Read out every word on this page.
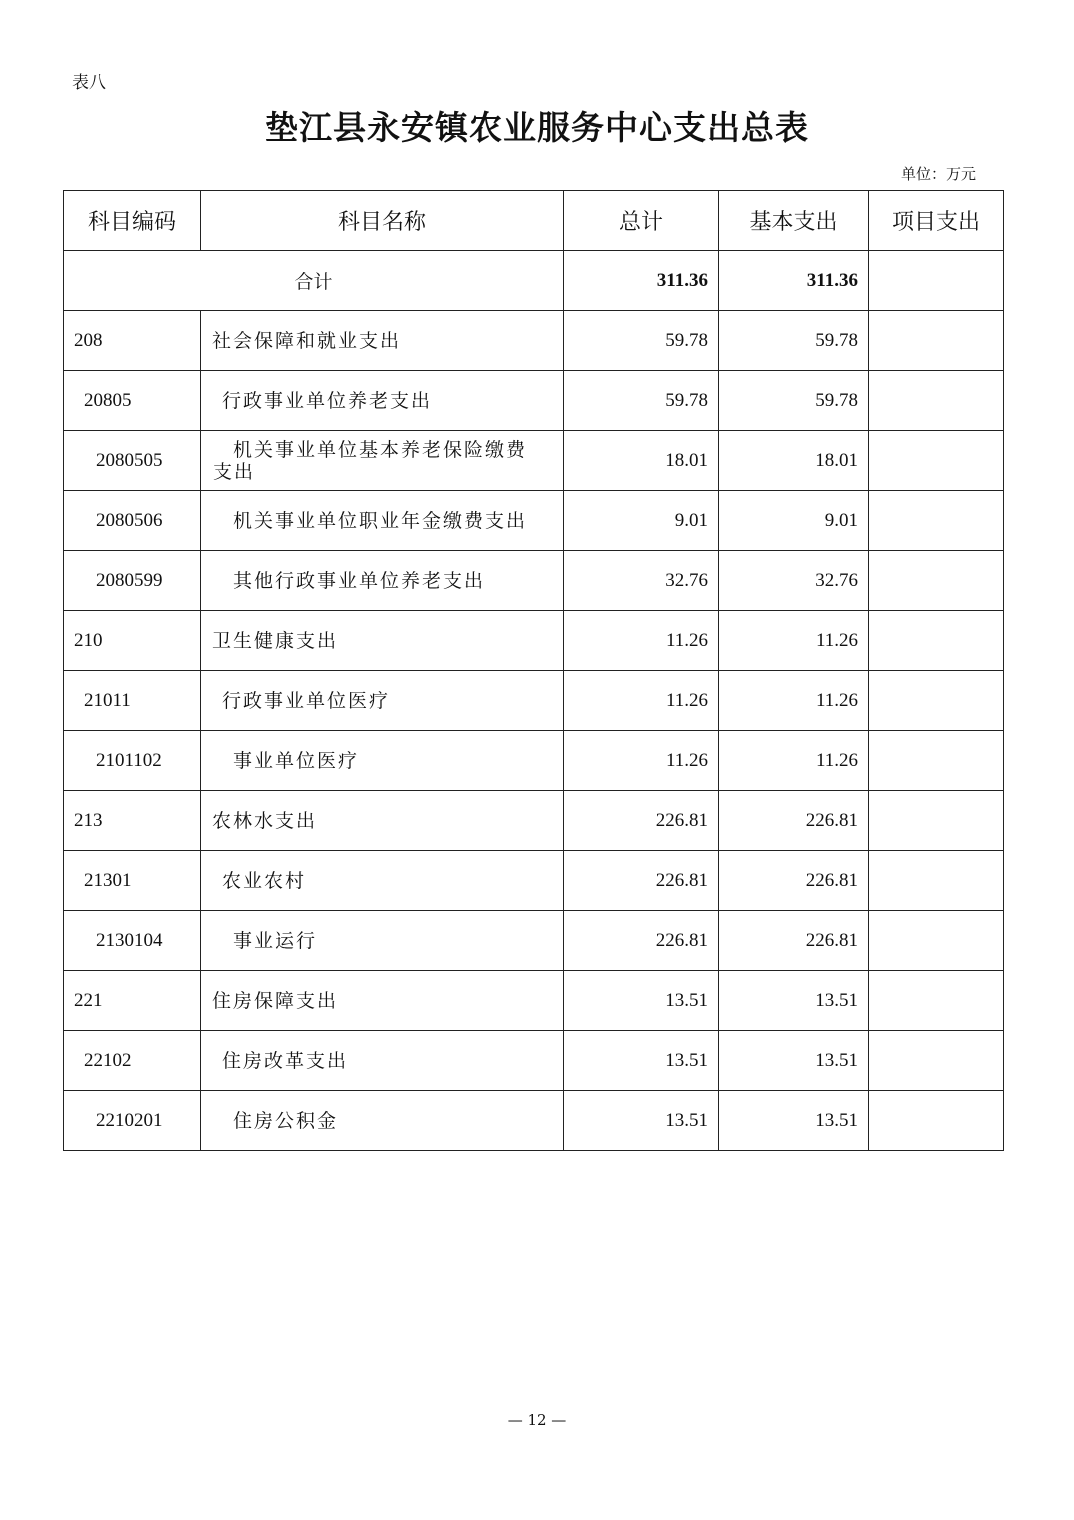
表八
垫江县永安镇农业服务中心支出总表
单位：万元
科目编码	科目名称	总计	基本支出	项目支出
合计		311.36	311.36	
208	社会保障和就业支出	59.78	59.78	
20805	行政事业单位养老支出	59.78	59.78	
2080505	机关事业单位基本养老保险缴费支出	18.01	18.01	
2080506	机关事业单位职业年金缴费支出	9.01	9.01	
2080599	其他行政事业单位养老支出	32.76	32.76	
210	卫生健康支出	11.26	11.26	
21011	行政事业单位医疗	11.26	11.26	
2101102	事业单位医疗	11.26	11.26	
213	农林水支出	226.81	226.81	
21301	农业农村	226.81	226.81	
2130104	事业运行	226.81	226.81	
221	住房保障支出	13.51	13.51	
22102	住房改革支出	13.51	13.51	
2210201	住房公积金	13.51	13.51	
— 12 —
